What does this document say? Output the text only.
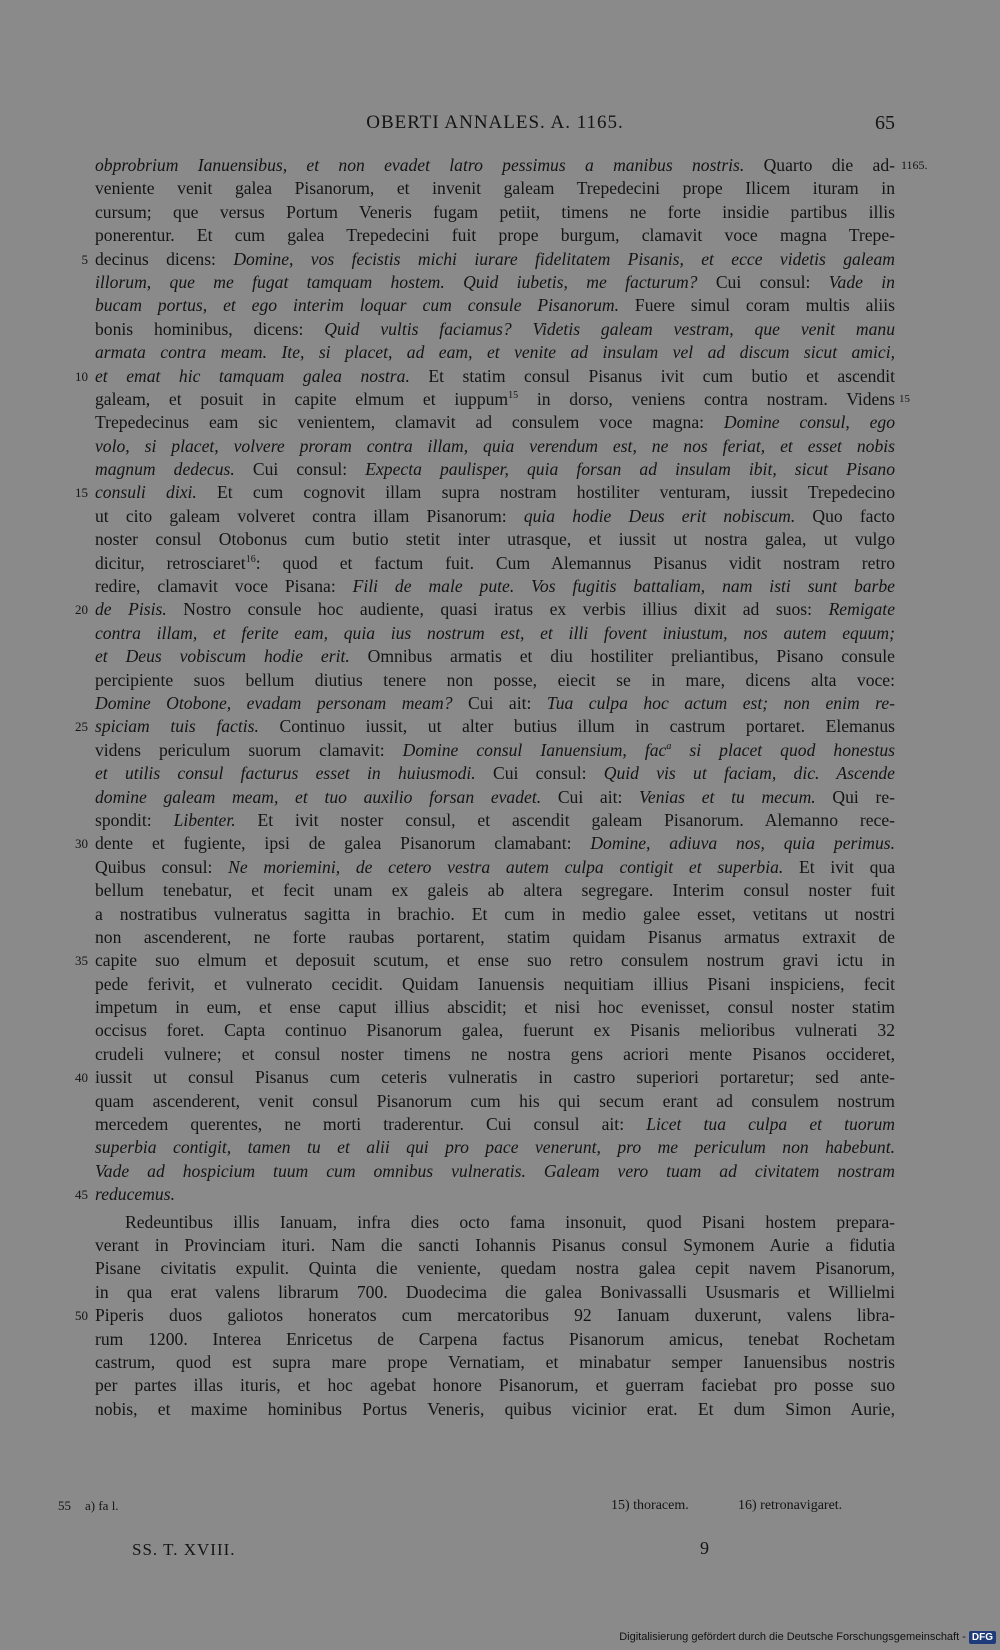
OBERTI ANNALES. A. 1165.	65
obprobrium Ianuensibus, et non evadet latro pessimus a manibus nostris. Quarto die ad- 1165.
veniente venit galea Pisanorum, et invenit galeam Trepedecini prope Ilicem ituram in
cursum; que versus Portum Veneris fugam petiit, timens ne forte insidie partibus illis
ponerentur. Et cum galea Trepedecini fuit prope burgum, clamavit voce magna Trepe-
5 decinus dicens: Domine, vos fecistis michi iurare fidelitatem Pisanis, et ecce videtis galeam
illorum, que me fugat tamquam hostem. Quid iubetis, me facturum? Cui consul: Vade in
bucam portus, et ego interim loquar cum consule Pisanorum. Fuere simul coram multis aliis
bonis hominibus, dicens: Quid vultis faciamus? Videtis galeam vestram, que venit manu
armata contra meam. Ite, si placet, ad eam, et venite ad insulam vel ad discum sicut amici,
10 et emat hic tamquam galea nostra. Et statim consul Pisanus ivit cum butio et ascendit
galeam, et posuit in capite elmum et iuppum$^{15}$ in dorso, veniens contra nostram. Videns 15
Trepedecinus eam sic venientem, clamavit ad consulem voce magna: Domine consul, ego
volo, si placet, volvere proram contra illam, quia verendum est, ne nos feriat, et esset nobis
magnum dedecus. Cui consul: Expecta paulisper, quia forsan ad insulam ibit, sicut Pisano
15 consuli dixi. Et cum cognovit illam supra nostram hostiliter venturam, iussit Trepedecino
ut cito galeam volveret contra illam Pisanorum: quia hodie Deus erit nobiscum. Quo facto
noster consul Otobonus cum butio stetit inter utrasque, et iussit ut nostra galea, ut vulgo
dicitur, retrosciaret$^{16}$: quod et factum fuit. Cum Alemannus Pisanus vidit nostram retro
redire, clamavit voce Pisana: Fili de male pute. Vos fugitis battaliam, nam isti sunt barbe
20 de Pisis. Nostro consule hoc audiente, quasi iratus ex verbis illius dixit ad suos: Remigate
contra illam, et ferite eam, quia ius nostrum est, et illi fovent iniustum, nos autem equum;
et Deus vobiscum hodie erit. Omnibus armatis et diu hostiliter preliantibus, Pisano consule
percipiente suos bellum diutius tenere non posse, eiecit se in mare, dicens alta voce:
Domine Otobone, evadam personam meam? Cui ait: Tua culpa hoc actum est; non enim re-
25 spiciam tuis factis. Continuo iussit, ut alter butius illum in castrum portaret. Elemanus
videns periculum suorum clamavit: Domine consul Ianuensium, fac$^a$ si placet quod honestus
et utilis consul facturus esset in huiusmodi. Cui consul: Quid vis ut faciam, dic. Ascende
domine galeam meam, et tuo auxilio forsan evadet. Cui ait: Venias et tu mecum. Qui re-
spondit: Libenter. Et ivit noster consul, et ascendit galeam Pisanorum. Alemanno rece-
30 dente et fugiente, ipsi de galea Pisanorum clamabant: Domine, adiuva nos, quia perimus.
Quibus consul: Ne moriemini, de cetero vestra autem culpa contigit et superbia. Et ivit qua
bellum tenebatur, et fecit unam ex galeis ab altera segregare. Interim consul noster fuit
a nostratibus vulneratus sagitta in brachio. Et cum in medio galee esset, vetitans ut nostri
non ascenderent, ne forte raubas portarent, statim quidam Pisanus armatus extraxit de
35 capite suo elmum et deposuit scutum, et ense suo retro consulem nostrum gravi ictu in
pede ferivit, et vulnerato cecidit. Quidam Ianuensis nequitiam illius Pisani inspiciens, fecit
impetum in eum, et ense caput illius abscidit; et nisi hoc evenisset, consul noster statim
occisus foret. Capta continuo Pisanorum galea, fuerunt ex Pisanis melioribus vulnerati 32
crudeli vulnere; et consul noster timens ne nostra gens acriori mente Pisanos occideret,
40 iussit ut consul Pisanus cum ceteris vulneratis in castro superiori portaretur; sed ante-
quam ascenderent, venit consul Pisanorum cum his qui secum erant ad consulem nostrum
mercedem querentes, ne morti traderentur. Cui consul ait: Licet tua culpa et tuorum
superbia contigit, tamen tu et alii qui pro pace venerunt, pro me periculum non habebunt.
Vade ad hospicium tuum cum omnibus vulneratis. Galeam vero tuam ad civitatem nostram
45 reducemus.
Redeuntibus illis Ianuam, infra dies octo fama insonuit, quod Pisani hostem prepara-
verant in Provinciam ituri. Nam die sancti Iohannis Pisanus consul Symonem Aurie a fidutia
Pisane civitatis expulit. Quinta die veniente, quedam nostra galea cepit navem Pisanorum,
in qua erat valens librarum 700. Duodecima die galea Bonivassalli Ususmaris et Willielmi
50 Piperis duos galiotos honeratos cum mercatoribus 92 Ianuam duxerunt, valens libra-
rum 1200. Interea Enricetus de Carpena factus Pisanorum amicus, tenebat Rochetam
castrum, quod est supra mare prope Vernatiam, et minabatur semper Ianuensibus nostris
per partes illas ituris, et hoc agebat honore Pisanorum, et guerram faciebat pro posse suo
nobis, et maxime hominibus Portus Veneris, quibus vicinior erat. Et dum Simon Aurie,
55 a) fa l.	15) thoracem.	16) retronavigaret.
SS. T. XVIII.	9
Digitalisierung gefördert durch die Deutsche Forschungsgemeinschaft - DFG
